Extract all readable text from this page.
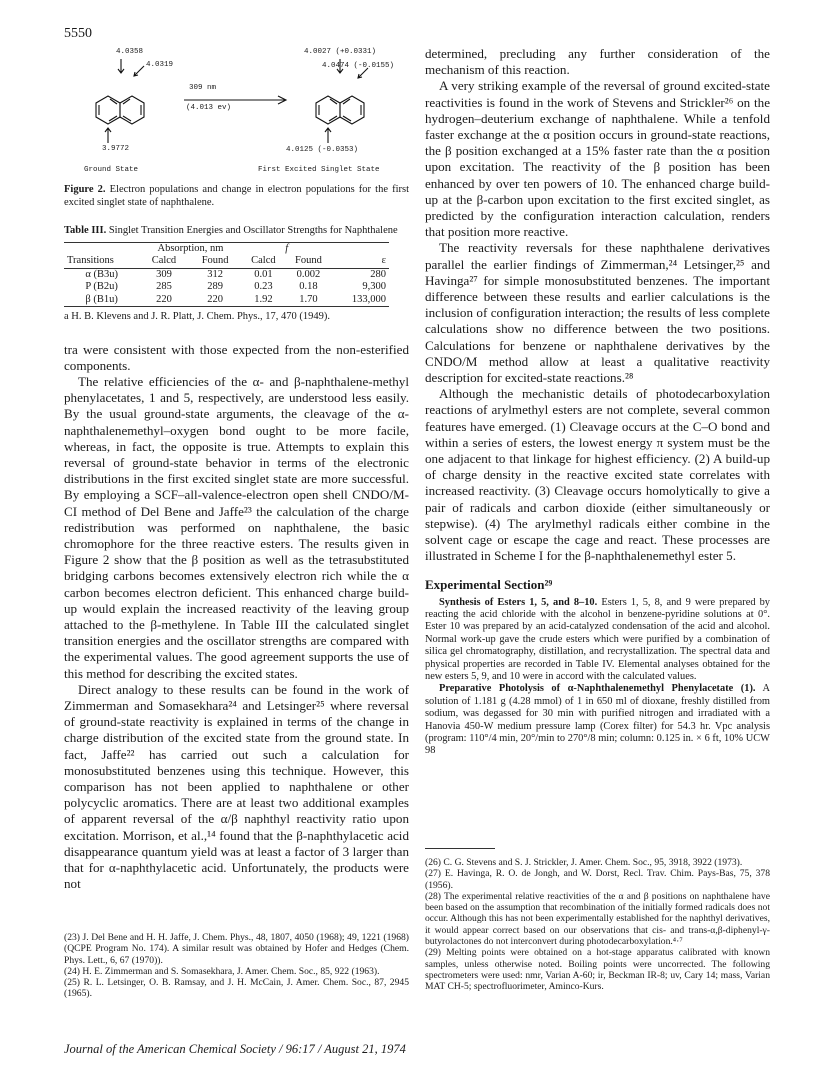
5550
4.0358
4.0319
3.9772
309 nm
(4.013 ev)
4.0027 (+0.0331)
4.0474 (-0.0155)
4.0125 (-0.0353)
Ground State	First Excited Singlet State

Figure 2. Electron populations and change in electron populations for the first excited singlet state of naphthalene.

Table III. Singlet Transition Energies and Oscillator Strengths for Naphthalene

	Absorption, nm		f		
Transitions	Calcd	Found	Calcd	Found	ε
α (B3u)	309	312	0.01	0.002	280
P (B2u)	285	289	0.23	0.18	9,300
β (B1u)	220	220	1.92	1.70	133,000

a H. B. Klevens and J. R. Platt, J. Chem. Phys., 17, 470 (1949).

tra were consistent with those expected from the non-esterified components.

The relative efficiencies of the α- and β-naphthalene-methyl phenylacetates, 1 and 5, respectively, are understood less easily. By the usual ground-state arguments, the cleavage of the α-naphthalenemethyl–oxygen bond ought to be more facile, whereas, in fact, the opposite is true. Attempts to explain this reversal of ground-state behavior in terms of the electronic distributions in the first excited singlet state are more successful. By employing a SCF–all-valence-electron open shell CNDO/M-CI method of Del Bene and Jaffe²³ the calculation of the charge redistribution was performed on naphthalene, the basic chromophore for the three reactive esters. The results given in Figure 2 show that the β position as well as the tetrasubstituted bridging carbons becomes extensively electron rich while the α carbon becomes electron deficient. This enhanced charge build-up would explain the increased reactivity of the leaving group attached to the β-methylene. In Table III the calculated singlet transition energies and the oscillator strengths are compared with the experimental values. The good agreement supports the use of this method for describing the excited states.

Direct analogy to these results can be found in the work of Zimmerman and Somasekhara²⁴ and Letsinger²⁵ where reversal of ground-state reactivity is explained in terms of the change in charge distribution of the excited state from the ground state. In fact, Jaffe²² has carried out such a calculation for monosubstituted benzenes using this technique. However, this comparison has not been applied to naphthalene or other polycyclic aromatics. There are at least two additional examples of apparent reversal of the α/β naphthyl reactivity ratio upon excitation. Morrison, et al.,¹⁴ found that the β-naphthylacetic acid disappearance quantum yield was at least a factor of 3 larger than that for α-naphthylacetic acid. Unfortunately, the products were not

(23) J. Del Bene and H. H. Jaffe, J. Chem. Phys., 48, 1807, 4050 (1968); 49, 1221 (1968) (QCPE Program No. 174). A similar result was obtained by Hofer and Hedges (Chem. Phys. Lett., 6, 67 (1970)).

(24) H. E. Zimmerman and S. Somasekhara, J. Amer. Chem. Soc., 85, 922 (1963).

(25) R. L. Letsinger, O. B. Ramsay, and J. H. McCain, J. Amer. Chem. Soc., 87, 2945 (1965).

determined, precluding any further consideration of the mechanism of this reaction.

A very striking example of the reversal of ground excited-state reactivities is found in the work of Stevens and Strickler²⁶ on the hydrogen–deuterium exchange of naphthalene. While a tenfold faster exchange at the α position occurs in ground-state reactions, the β position exchanged at a 15% faster rate than the α position upon excitation. The reactivity of the β position has been enhanced by over ten powers of 10. The enhanced charge build-up at the β-carbon upon excitation to the first excited singlet, as predicted by the configuration interaction calculation, renders that position more reactive.

The reactivity reversals for these naphthalene derivatives parallel the earlier findings of Zimmerman,²⁴ Letsinger,²⁵ and Havinga²⁷ for simple monosubstituted benzenes. The important difference between these results and earlier calculations is the inclusion of configuration interaction; the results of less complete calculations show no difference between the two positions. Calculations for benzene or naphthalene derivatives by the CNDO/M method allow at least a qualitative reactivity description for excited-state reactions.²⁸

Although the mechanistic details of photodecarboxylation reactions of arylmethyl esters are not complete, several common features have emerged. (1) Cleavage occurs at the C–O bond and within a series of esters, the lowest energy π system must be the one adjacent to that linkage for highest efficiency. (2) A build-up of charge density in the reactive excited state correlates with increased reactivity. (3) Cleavage occurs homolytically to give a pair of radicals and carbon dioxide (either simultaneously or stepwise). (4) The arylmethyl radicals either combine in the solvent cage or escape the cage and react. These processes are illustrated in Scheme I for the β-naphthalenemethyl ester 5.

Experimental Section²⁹

Synthesis of Esters 1, 5, and 8–10. Esters 1, 5, 8, and 9 were prepared by reacting the acid chloride with the alcohol in benzene-pyridine solutions at 0°. Ester 10 was prepared by an acid-catalyzed condensation of the acid and alcohol. Normal work-up gave the crude esters which were purified by a combination of silica gel chromatography, distillation, and recrystallization. The spectral data and physical properties are recorded in Table IV. Elemental analyses obtained for the new esters 5, 9, and 10 were in accord with the calculated values.

Preparative Photolysis of α-Naphthalenemethyl Phenylacetate (1). A solution of 1.181 g (4.28 mmol) of 1 in 650 ml of dioxane, freshly distilled from sodium, was degassed for 30 min with purified nitrogen and irradiated with a Hanovia 450-W medium pressure lamp (Corex filter) for 54.3 hr. Vpc analysis (program: 110°/4 min, 20°/min to 270°/8 min; column: 0.125 in. × 6 ft, 10% UCW 98

(26) C. G. Stevens and S. J. Strickler, J. Amer. Chem. Soc., 95, 3918, 3922 (1973).

(27) E. Havinga, R. O. de Jongh, and W. Dorst, Recl. Trav. Chim. Pays-Bas, 75, 378 (1956).

(28) The experimental relative reactivities of the α and β positions on naphthalene have been based on the assumption that recombination of the initially formed radicals does not occur. Although this has not been experimentally established for the naphthyl derivatives, it would appear correct based on our observations that cis- and trans-α,β-diphenyl-γ-butyrolactones do not interconvert during photodecarboxylation.⁴·⁷

(29) Melting points were obtained on a hot-stage apparatus calibrated with known samples, unless otherwise noted. Boiling points were uncorrected. The following spectrometers were used: nmr, Varian A-60; ir, Beckman IR-8; uv, Cary 14; mass, Varian MAT CH-5; spectrofluorimeter, Aminco-Kurs.

Journal of the American Chemical Society / 96:17 / August 21, 1974
